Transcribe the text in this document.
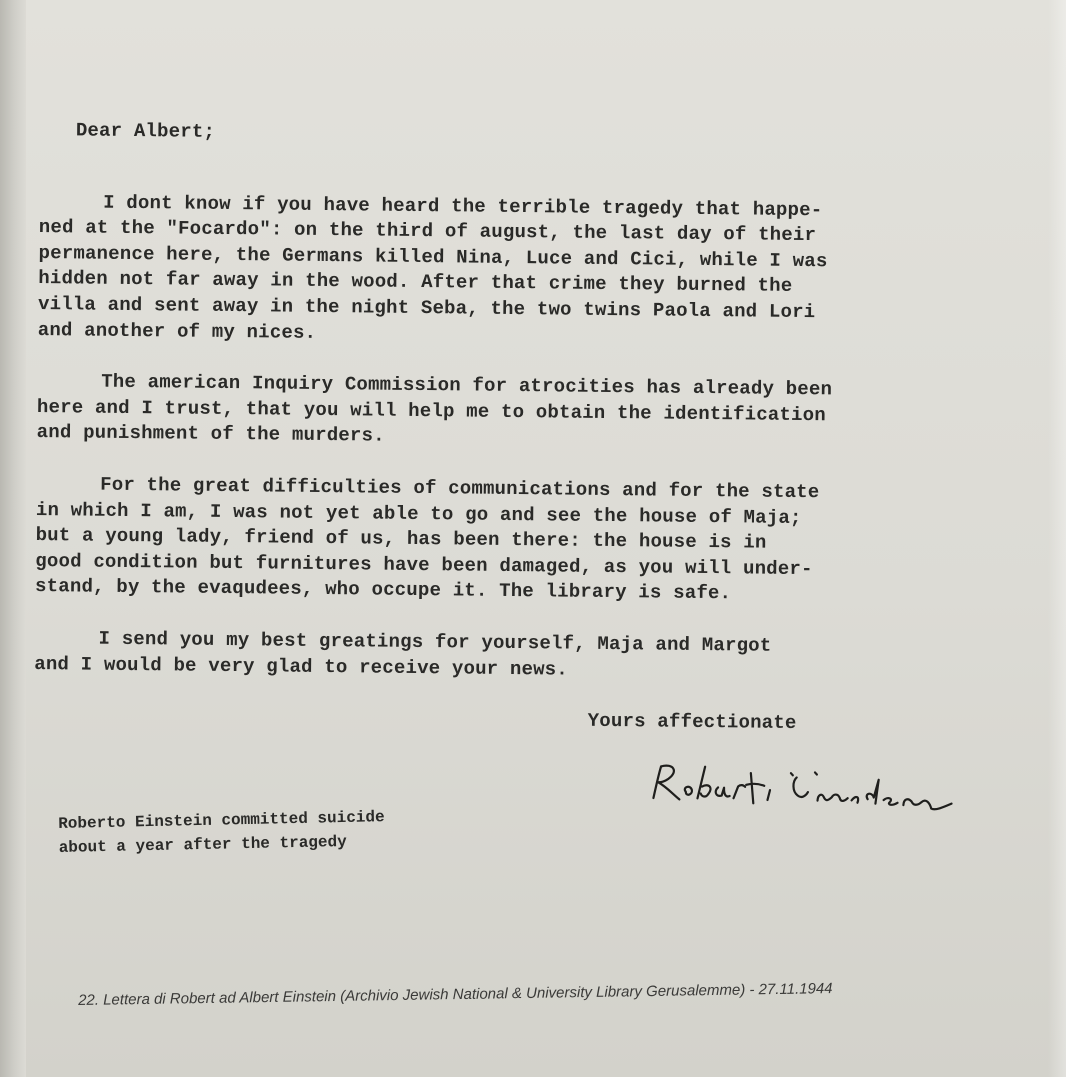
Dear Albert;
I dont know if you have heard the terrible tragedy that happe-
ned at the "Focardo": on the third of august, the last day of their
permanence here, the Germans killed Nina, Luce and Cici, while I was
hidden not far away in the wood. After that crime they burned the
villa and sent away in the night Seba, the two twins Paola and Lori
and another of my nices.
The american Inquiry Commission for atrocities has already been
here and I trust, that you will help me to obtain the identification
and punishment of the murders.
For the great difficulties of communications and for the state
in which I am, I was not yet able to go and see the house of Maja;
but a young lady, friend of us, has been there: the house is in
good condition but furnitures have been damaged, as you will under-
stand, by the evaqudees, who occupe it. The library is safe.
I send you my best greatings for yourself, Maja and Margot
and I would be very glad to receive your news.
Yours affectionate
Roberto Einstein committed suicide
about a year after the tragedy
22. Lettera di Robert ad Albert Einstein (Archivio Jewish National & University Library Gerusalemme) - 27.11.1944
